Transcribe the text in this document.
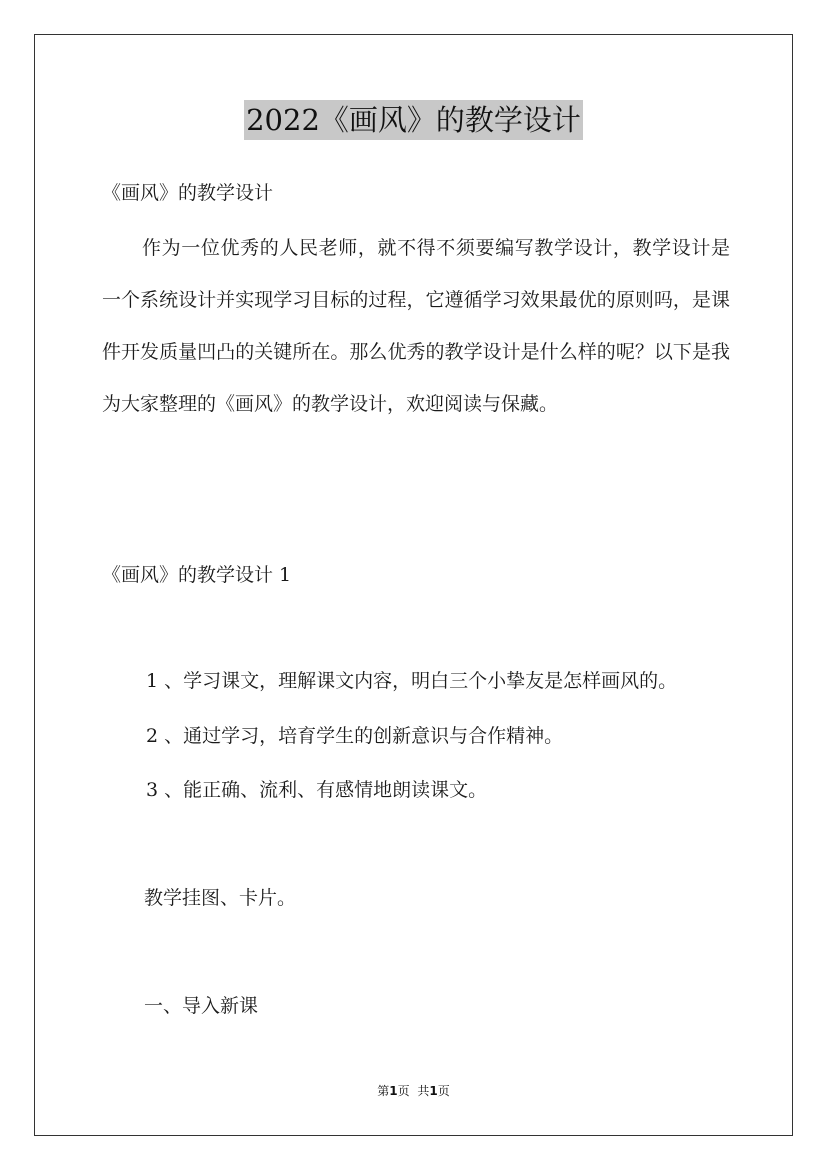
2022《画风》的教学设计
《画风》的教学设计
作为一位优秀的人民老师，就不得不须要编写教学设计，教学设计是一个系统设计并实现学习目标的过程，它遵循学习效果最优的原则吗，是课件开发质量凹凸的关键所在。那么优秀的教学设计是什么样的呢？以下是我为大家整理的《画风》的教学设计，欢迎阅读与保藏。
《画风》的教学设计 1
1 、学习课文，理解课文内容，明白三个小挚友是怎样画风的。
2 、通过学习，培育学生的创新意识与合作精神。
3 、能正确、流利、有感情地朗读课文。
教学挂图、卡片。
一、导入新课
第1页 共1页
